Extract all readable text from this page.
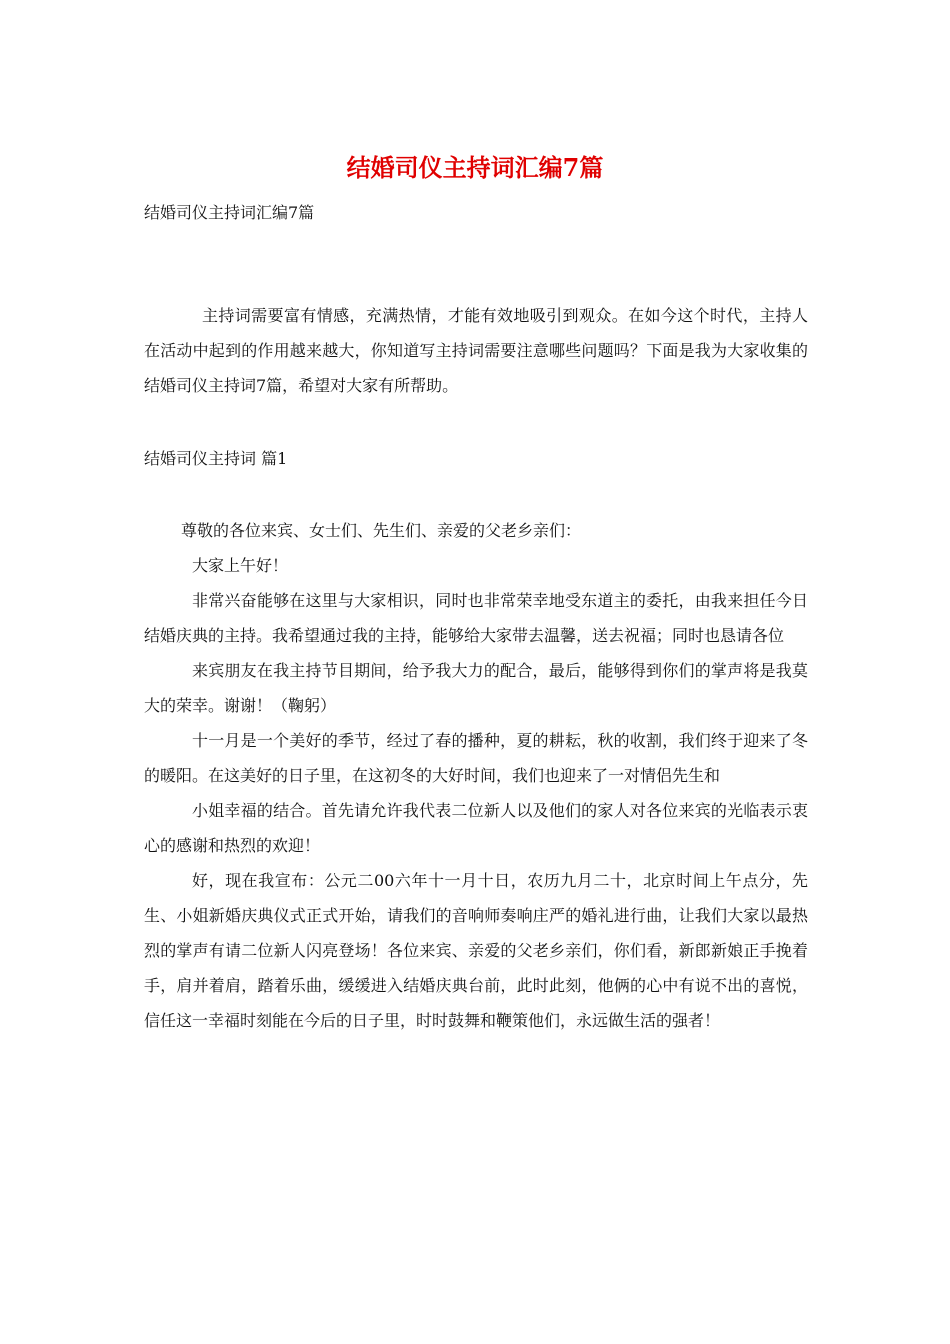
结婚司仪主持词汇编7篇
结婚司仪主持词汇编7篇

主持词需要富有情感，充满热情，才能有效地吸引到观众。在如今这个时代，主持人在活动中起到的作用越来越大，你知道写主持词需要注意哪些问题吗？下面是我为大家收集的结婚司仪主持词7篇，希望对大家有所帮助。

结婚司仪主持词 篇1

尊敬的各位来宾、女士们、先生们、亲爱的父老乡亲们：

大家上午好！

非常兴奋能够在这里与大家相识，同时也非常荣幸地受东道主的委托，由我来担任今日结婚庆典的主持。我希望通过我的主持，能够给大家带去温馨，送去祝福；同时也恳请各位

来宾朋友在我主持节目期间，给予我大力的配合，最后，能够得到你们的掌声将是我莫大的荣幸。谢谢！（鞠躬）

十一月是一个美好的季节，经过了春的播种，夏的耕耘，秋的收割，我们终于迎来了冬的暖阳。在这美好的日子里，在这初冬的大好时间，我们也迎来了一对情侣先生和

小姐幸福的结合。首先请允许我代表二位新人以及他们的家人对各位来宾的光临表示衷心的感谢和热烈的欢迎！

好，现在我宣布：公元二00六年十一月十日，农历九月二十，北京时间上午点分，先生、小姐新婚庆典仪式正式开始，请我们的音响师奏响庄严的婚礼进行曲，让我们大家以最热烈的掌声有请二位新人闪亮登场！各位来宾、亲爱的父老乡亲们，你们看，新郎新娘正手挽着手，肩并着肩，踏着乐曲，缓缓进入结婚庆典台前，此时此刻，他俩的心中有说不出的喜悦，信任这一幸福时刻能在今后的日子里，时时鼓舞和鞭策他们，永远做生活的强者！
